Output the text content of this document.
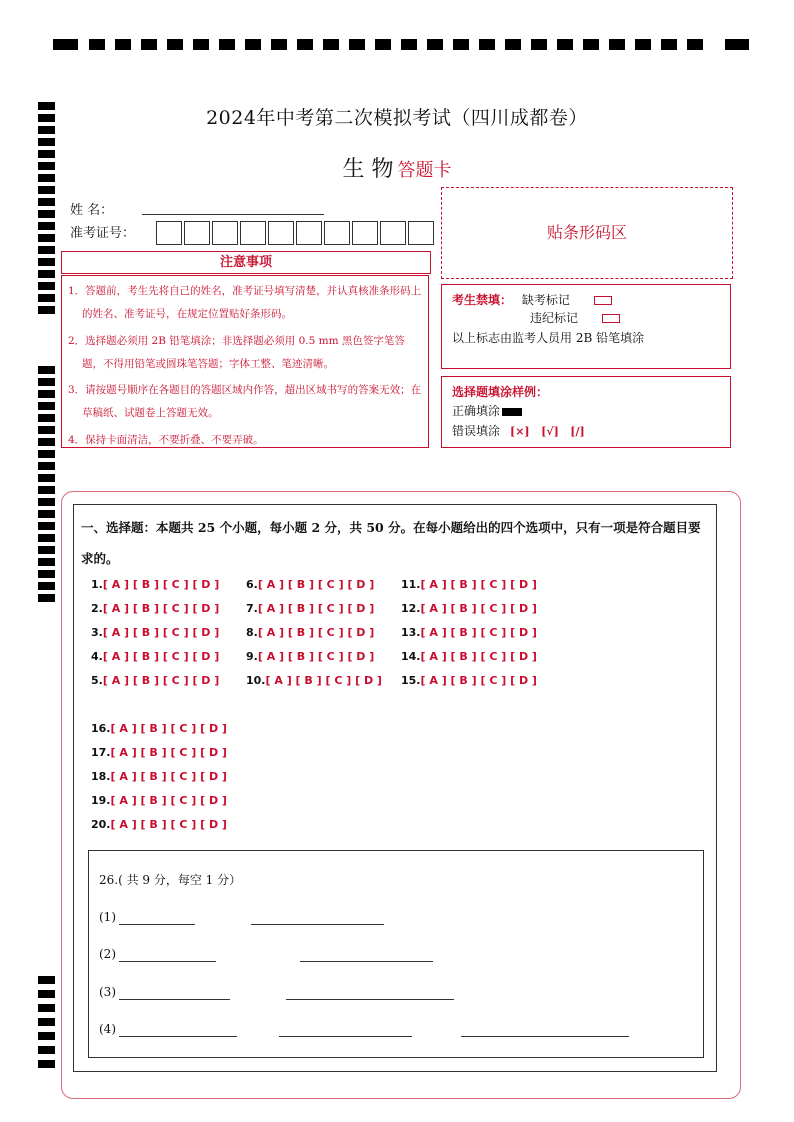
2024年中考第二次模拟考试（四川成都卷）
生 物 答题卡
姓 名：
准考证号：
注意事项

1．答题前，考生先将自己的姓名，准考证号填写清楚，并认真核准条形码上的姓名、准考证号，在规定位置贴好条形码。

2．选择题必须用 2B 铅笔填涂；非选择题必须用 0.5 mm 黑色签字笔答题，不得用铅笔或圆珠笔答题；字体工整、笔迹清晰。

3．请按题号顺序在各题目的答题区域内作答，超出区域书写的答案无效；在草稿纸、试题卷上答题无效。

4．保持卡面清洁，不要折叠、不要弄破。

贴条形码区
考生禁填： 缺考标记
违纪标记
以上标志由监考人员用 2B 铅笔填涂
选择题填涂样例：
正确填涂
错误填涂 [×]   [√]   [/]
一、选择题：本题共 25 个小题，每小题 2 分，共 50 分。在每小题给出的四个选项中，只有一项是符合题目要求的。
1.[ A ] [ B ] [ C ] [ D ]
2.[ A ] [ B ] [ C ] [ D ]
3.[ A ] [ B ] [ C ] [ D ]
4.[ A ] [ B ] [ C ] [ D ]
5.[ A ] [ B ] [ C ] [ D ]
6.[ A ] [ B ] [ C ] [ D ]
7.[ A ] [ B ] [ C ] [ D ]
8.[ A ] [ B ] [ C ] [ D ]
9.[ A ] [ B ] [ C ] [ D ]
10.[ A ] [ B ] [ C ] [ D ]
11.[ A ] [ B ] [ C ] [ D ]
12.[ A ] [ B ] [ C ] [ D ]
13.[ A ] [ B ] [ C ] [ D ]
14.[ A ] [ B ] [ C ] [ D ]
15.[ A ] [ B ] [ C ] [ D ]
16.[ A ] [ B ] [ C ] [ D ]
17.[ A ] [ B ] [ C ] [ D ]
18.[ A ] [ B ] [ C ] [ D ]
19.[ A ] [ B ] [ C ] [ D ]
20.[ A ] [ B ] [ C ] [ D ]
26.( 共 9 分，每空 1 分）
(1)
(2)
(3)
(4)
